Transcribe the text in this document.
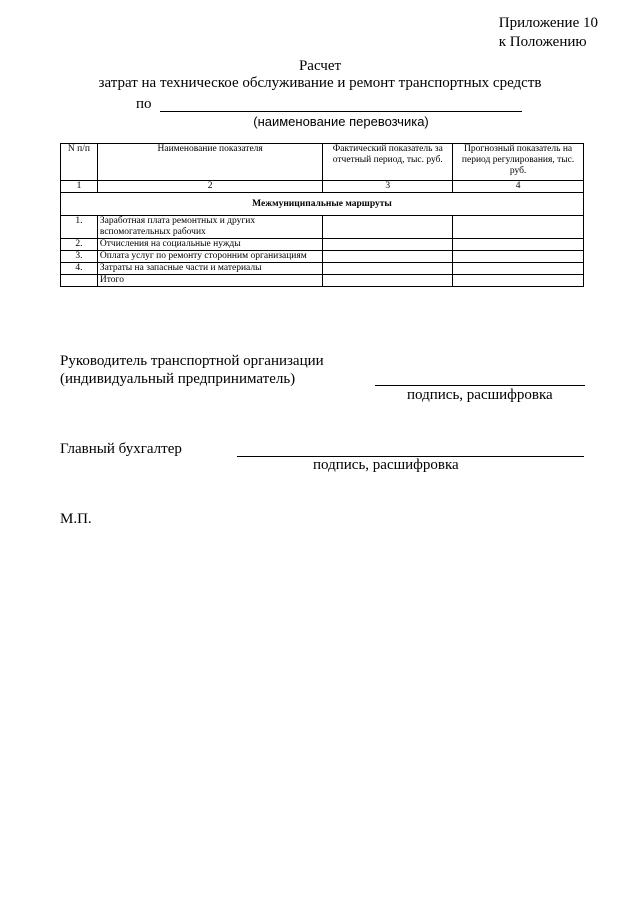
Приложение 10
к Положению
Расчет
затрат на техническое обслуживание и ремонт транспортных средств
по
(наименование перевозчика)
N п/п	Наименование показателя	Фактический показатель за отчетный период, тыс. руб.	Прогнозный показатель на период регулирования, тыс. руб.
1	2	3	4
Межмуниципальные маршруты			
1.	Заработная плата ремонтных и других вспомогательных рабочих		
2.	Отчисления на социальные нужды		
3.	Оплата услуг по ремонту сторонним организациям		
4.	Затраты на запасные части и материалы		
	Итого		
Руководитель транспортной организации
(индивидуальный предприниматель)
подпись, расшифровка
Главный бухгалтер
подпись, расшифровка
М.П.
